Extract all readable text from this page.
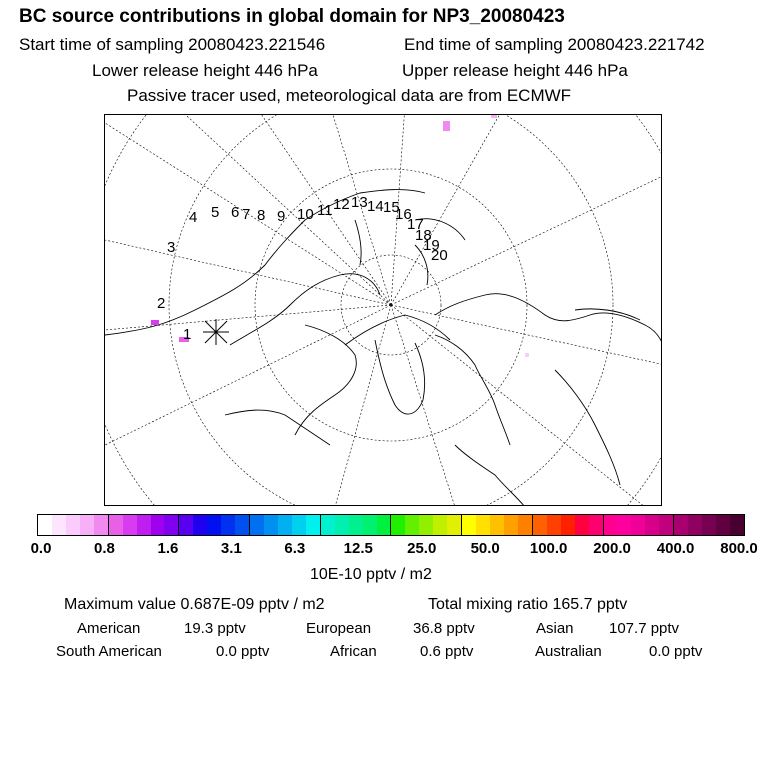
BC source contributions in global domain for NP3_20080423
Start time of sampling 20080423.221546	End time of sampling 20080423.221742
Lower release height 446 hPa	Upper release height 446 hPa
Passive tracer used, meteorological data are from ECMWF
1
2
3
4 5 6 7 8 9 10 11 12 13 14 15
16
17
18
19
20
0.0	0.8	1.6	3.1	6.3	12.5 25.0 50.0 100.0 200.0 400.0 800.0
10E-10 pptv / m2
Maximum value 0.687E-09 pptv / m2	Total mixing ratio 165.7 pptv
American	19.3 pptv	European	36.8 pptv	Asian 107.7 pptv
South American	0.0 pptv	African	0.6 pptv	Australian	0.0 pptv
